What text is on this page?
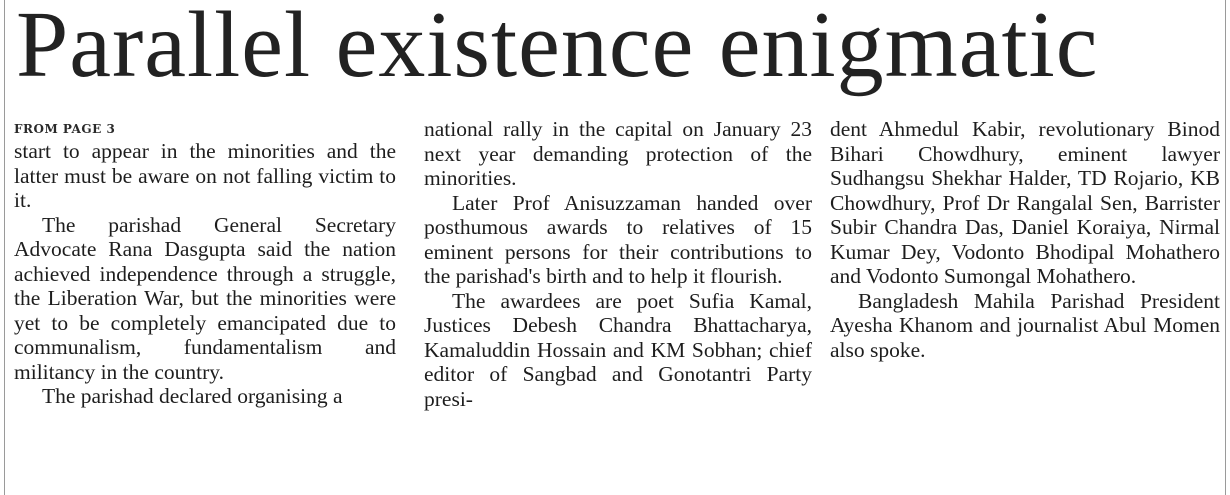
Parallel existence enigmatic
FROM PAGE 3

start to appear in the minorities and the latter must be aware on not falling victim to it.

The parishad General Secretary Advocate Rana Dasgupta said the nation achieved independence through a struggle, the Liberation War, but the minorities were yet to be completely emancipated due to communalism, fundamentalism and militancy in the country.

The parishad declared organising a

national rally in the capital on January 23 next year demanding protection of the minorities.

Later Prof Anisuzzaman handed over posthumous awards to relatives of 15 eminent persons for their contributions to the parishad's birth and to help it flourish.

The awardees are poet Sufia Kamal, Justices Debesh Chandra Bhattacharya, Kamaluddin Hossain and KM Sobhan; chief editor of Sangbad and Gonotantri Party presi-

dent Ahmedul Kabir, revolutionary Binod Bihari Chowdhury, eminent lawyer Sudhangsu Shekhar Halder, TD Rojario, KB Chowdhury, Prof Dr Rangalal Sen, Barrister Subir Chandra Das, Daniel Koraiya, Nirmal Kumar Dey, Vodonto Bhodipal Mohathero and Vodonto Sumongal Mohathero.

Bangladesh Mahila Parishad President Ayesha Khanom and journalist Abul Momen also spoke.
